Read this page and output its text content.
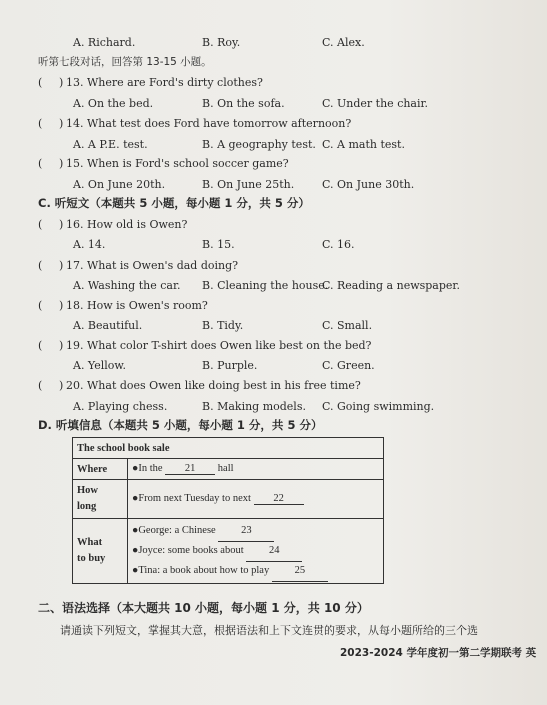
A. Richard.	B. Roy.	C. Alex.
听第七段对话，回答第 13-15 小题。
( ) 13. Where are Ford's dirty clothes?
A. On the bed.	B. On the sofa.	C. Under the chair.
( ) 14. What test does Ford have tomorrow afternoon?
A. A P.E. test.	B. A geography test. C. A math test.
( ) 15. When is Ford's school soccer game?
A. On June 20th.	B. On June 25th.	C. On June 30th.
C. 听短文（本题共 5 小题，每小题 1 分，共 5 分）
( ) 16. How old is Owen?
A. 14.	B. 15.	C. 16.
( ) 17. What is Owen's dad doing?
A. Washing the car. B. Cleaning the house.
C. Reading a newspaper.
( ) 18. How is Owen's room?
A. Beautiful.	B. Tidy.	C. Small.
( ) 19. What color T-shirt does Owen like best on the bed?
A. Yellow.	B. Purple.	C. Green.
( ) 20. What does Owen like doing best in his free time?
A. Playing chess.	B. Making models. C. Going swimming.
D. 听填信息（本题共 5 小题，每小题 1 分，共 5 分）
The school book sale	
Where	●In the 21 hall

How
long	●From next Tuesday to next 22

What
to buy	●George: a Chinese 23
●Joyce: some books about 24
●Tina: a book about how to play 25
二、语法选择（本大题共 10 小题，每小题 1 分，共 10 分）
请通读下列短文，掌握其大意，根据语法和上下文连贯的要求，从每小题所给的三个选
2023-2024 学年度初一第二学期联考 英
